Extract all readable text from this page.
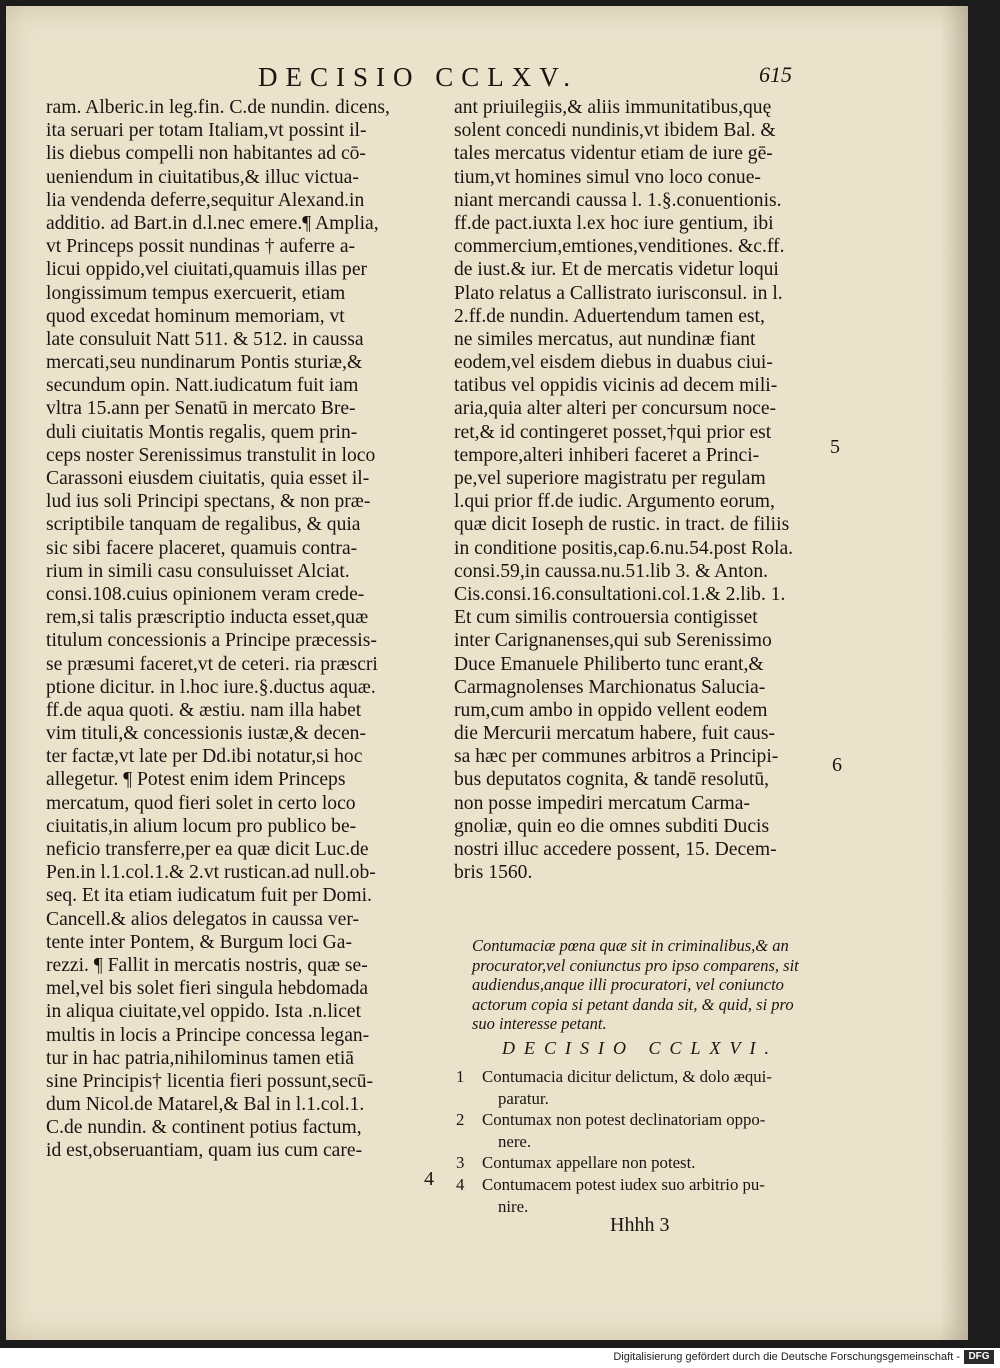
DECISIO CCLXV.	615
ram. Alberic.in leg.fin. C.de nundin. dicens,
ita seruari per totam Italiam,vt possint il-
lis diebus compelli non habitantes ad cō-
ueniendum in ciuitatibus,& illuc victua-
lia vendenda deferre,sequitur Alexand.in
additio. ad Bart.in d.l.nec emere.¶ Amplia,
vt Princeps possit nundinas † auferre a-
licui oppido,vel ciuitati,quamuis illas per
longissimum tempus exercuerit, etiam
quod excedat hominum memoriam, vt
late consuluit Natt 511. & 512. in caussa
mercati,seu nundinarum Pontis sturiæ,&
secundum opin. Natt.iudicatum fuit iam
vltra 15.ann per Senatū in mercato Bre-
duli ciuitatis Montis regalis, quem prin-
ceps noster Serenissimus transtulit in loco
Carassoni eiusdem ciuitatis, quia esset il-
lud ius soli Principi spectans, & non præ-
scriptibile tanquam de regalibus, & quia
sic sibi facere placeret, quamuis contra-
rium in simili casu consuluisset Alciat.
consi.108.cuius opinionem veram crede-
rem,si talis præscriptio inducta esset,quæ
titulum concessionis a Principe præcessis-
se præsumi faceret,vt de ceteri. ria præscri
ptione dicitur. in l.hoc iure.§.ductus aquæ.
ff.de aqua quoti. & æstiu. nam illa habet
vim tituli,& concessionis iustæ,& decen-
ter factæ,vt late per Dd.ibi notatur,si hoc
allegetur. ¶ Potest enim idem Princeps
mercatum, quod fieri solet in certo loco
ciuitatis,in alium locum pro publico be-
neficio transferre,per ea quæ dicit Luc.de
Pen.in l.1.col.1.& 2.vt rustican.ad null.ob-
seq. Et ita etiam iudicatum fuit per Domi.
Cancell.& alios delegatos in caussa ver-
tente inter Pontem, & Burgum loci Ga-
rezzi. ¶ Fallit in mercatis nostris, quæ se-
mel,vel bis solet fieri singula hebdomada
in aliqua ciuitate,vel oppido. Ista .n.licet
multis in locis a Principe concessa legan-
tur in hac patria,nihilominus tamen etiā
sine Principis† licentia fieri possunt,secū-
dum Nicol.de Matarel,& Bal in l.1.col.1.
C.de nundin. & continent potius factum,
id est,obseruantiam, quam ius cum care-
ant priuilegiis,& aliis immunitatibus,quę
solent concedi nundinis,vt ibidem Bal. &
tales mercatus videntur etiam de iure gē-
tium,vt homines simul vno loco conue-
niant mercandi caussa l. 1.§.conuentionis.
ff.de pact.iuxta l.ex hoc iure gentium, ibi
commercium,emtiones,venditiones. &c.ff.
de iust.& iur. Et de mercatis videtur loqui
Plato relatus a Callistrato iurisconsul. in l.
2.ff.de nundin. Aduertendum tamen est,
ne similes mercatus, aut nundinæ fiant
eodem,vel eisdem diebus in duabus ciui-
tatibus vel oppidis vicinis ad decem mili-
aria,quia alter alteri per concursum noce-
ret,& id contingeret posset,†qui prior est
tempore,alteri inhiberi faceret a Princi-
pe,vel superiore magistratu per regulam
l.qui prior ff.de iudic. Argumento eorum,
quæ dicit Ioseph de rustic. in tract. de filiis
in conditione positis,cap.6.nu.54.post Rola.
consi.59,in caussa.nu.51.lib 3. & Anton.
Cis.consi.16.consultationi.col.1.& 2.lib. 1.
Et cum similis controuersia contigisset
inter Carignanenses,qui sub Serenissimo
Duce Emanuele Philiberto tunc erant,&
Carmagnolenses Marchionatus Salucia-
rum,cum ambo in oppido vellent eodem
die Mercurii mercatum habere, fuit caus-
sa hæc per communes arbitros a Principi-
bus deputatos cognita, & tandē resolutū,
non posse impediri mercatum Carma-
gnoliæ, quin eo die omnes subditi Ducis
nostri illuc accedere possent, 15. Decem-
bris 1560.
4
5
6
Contumaciæ pœna quæ sit in criminalibus,& an
procurator,vel coniunctus pro ipso comparens, sit
audiendus,anque illi procuratori, vel coniuncto
actorum copia si petant danda sit, & quid, si pro
suo interesse petant.
DECISIO CCLXVI.
1	Contumacia dicitur delictum, & dolo æqui-
paratur.
2	Contumax non potest declinatoriam oppo-
nere.
3	Contumax appellare non potest.
4	Contumacem potest iudex suo arbitrio pu-
nire.
Hhhh 3
Digitalisierung gefördert durch die Deutsche Forschungsgemeinschaft - DFG
